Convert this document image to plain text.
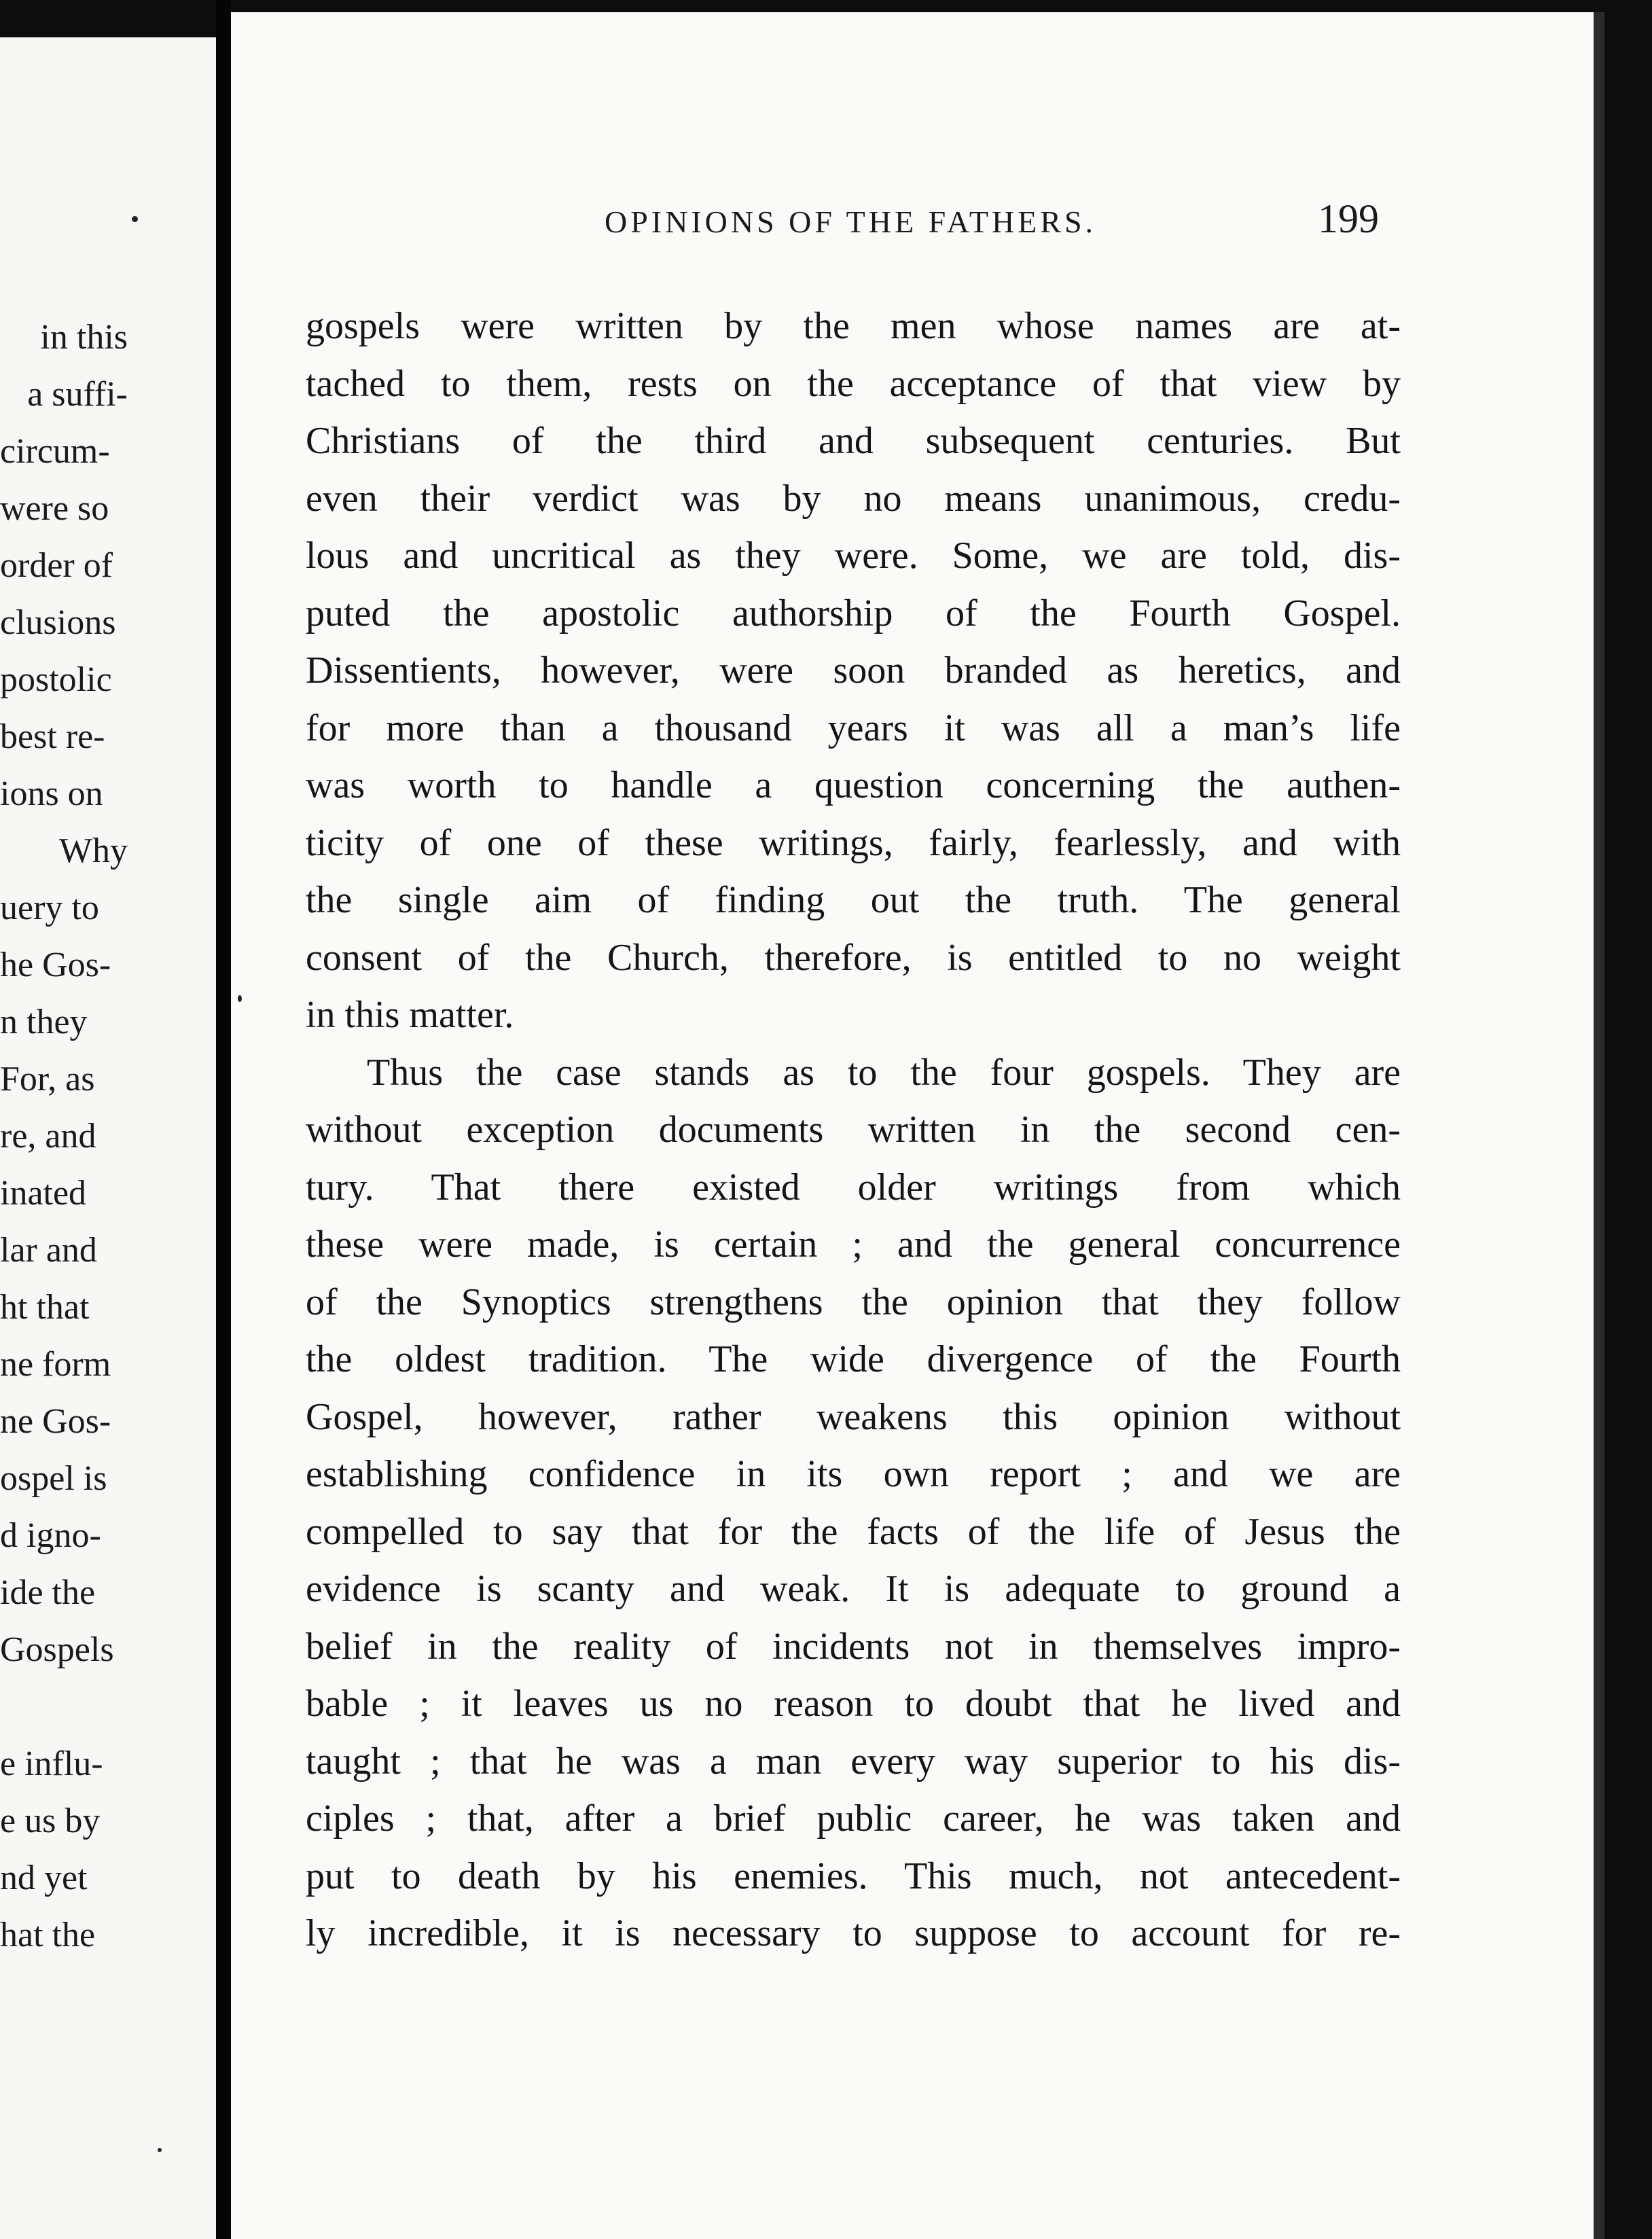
in this
a suffi-
circum-
were so
order of
clusions
postolic
best re-
ions on
Why
uery to
he Gos-
n they
For, as
re, and
inated
lar and
ht that
ne form
ne Gos-
ospel is
d igno-
ide the
Gospels
e influ-
e us by
nd yet
hat the
OPINIONS OF THE FATHERS.	199
gospels were written by the men whose names are at-
tached to them, rests on the acceptance of that view by
Christians of the third and subsequent centuries. But
even their verdict was by no means unanimous, credu-
lous and uncritical as they were. Some, we are told, dis-
puted the apostolic authorship of the Fourth Gospel.
Dissentients, however, were soon branded as heretics, and
for more than a thousand years it was all a man’s life
was worth to handle a question concerning the authen-
ticity of one of these writings, fairly, fearlessly, and with
the single aim of finding out the truth. The general
consent of the Church, therefore, is entitled to no weight
in this matter.
Thus the case stands as to the four gospels. They are
without exception documents written in the second cen-
tury. That there existed older writings from which
these were made, is certain ; and the general concurrence
of the Synoptics strengthens the opinion that they follow
the oldest tradition. The wide divergence of the Fourth
Gospel, however, rather weakens this opinion without
establishing confidence in its own report ; and we are
compelled to say that for the facts of the life of Jesus the
evidence is scanty and weak. It is adequate to ground a
belief in the reality of incidents not in themselves impro-
bable ; it leaves us no reason to doubt that he lived and
taught ; that he was a man every way superior to his dis-
ciples ; that, after a brief public career, he was taken and
put to death by his enemies. This much, not antecedent-
ly incredible, it is necessary to suppose to account for re-
